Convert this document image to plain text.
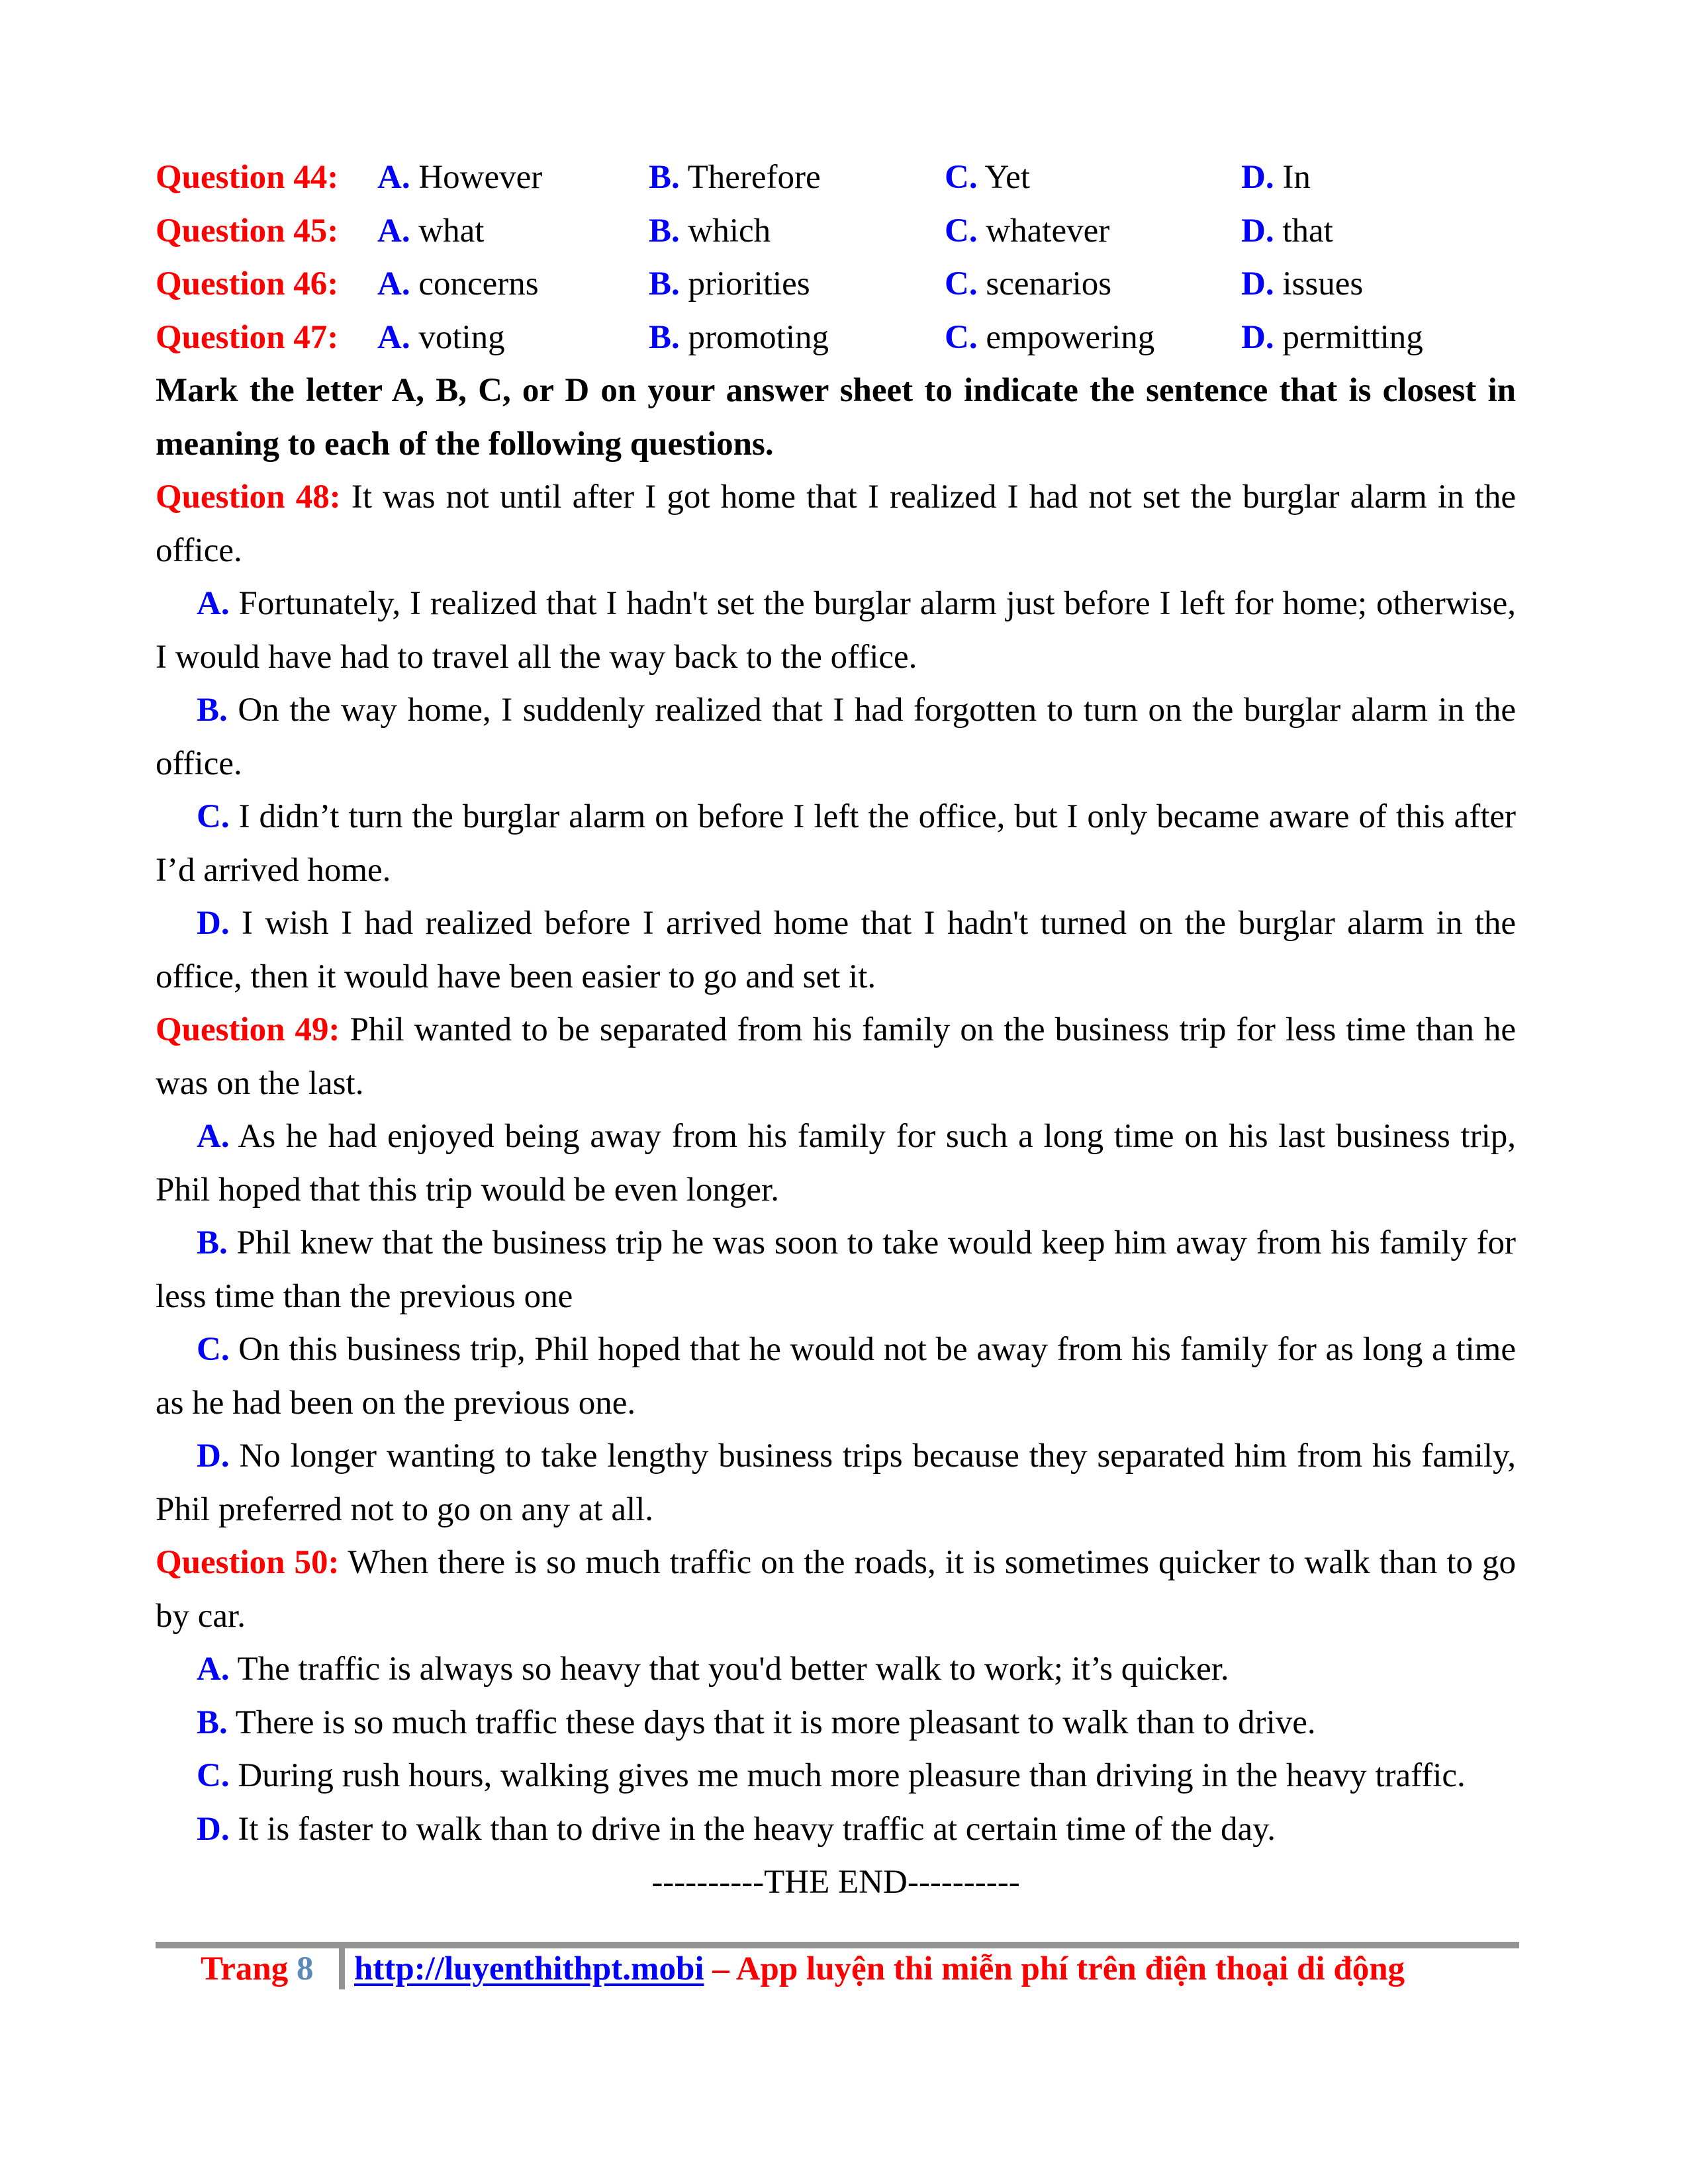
Question 44: A. However	B. Therefore	C. Yet	D. In
Question 45: A. what	B. which	C. whatever	D. that
Question 46: A. concerns	B. priorities	C. scenarios	D. issues
Question 47: A. voting	B. promoting	C. empowering	D. permitting
Mark the letter A, B, C, or D on your answer sheet to indicate the sentence that is closest in meaning to each of the following questions.
Question 48: It was not until after I got home that I realized I had not set the burglar alarm in the office.
A. Fortunately, I realized that I hadn't set the burglar alarm just before I left for home; otherwise, I would have had to travel all the way back to the office.
B. On the way home, I suddenly realized that I had forgotten to turn on the burglar alarm in the office.
C. I didn’t turn the burglar alarm on before I left the office, but I only became aware of this after I’d arrived home.
D. I wish I had realized before I arrived home that I hadn't turned on the burglar alarm in the office, then it would have been easier to go and set it.
Question 49: Phil wanted to be separated from his family on the business trip for less time than he was on the last.
A. As he had enjoyed being away from his family for such a long time on his last business trip, Phil hoped that this trip would be even longer.
B. Phil knew that the business trip he was soon to take would keep him away from his family for less time than the previous one
C. On this business trip, Phil hoped that he would not be away from his family for as long a time as he had been on the previous one.
D. No longer wanting to take lengthy business trips because they separated him from his family, Phil preferred not to go on any at all.
Question 50: When there is so much traffic on the roads, it is sometimes quicker to walk than to go by car.
A. The traffic is always so heavy that you'd better walk to work; it’s quicker.
B. There is so much traffic these days that it is more pleasant to walk than to drive.
C. During rush hours, walking gives me much more pleasure than driving in the heavy traffic.
D. It is faster to walk than to drive in the heavy traffic at certain time of the day.
----------THE END----------
Trang 8 http://luyenthithpt.mobi – App luyện thi miễn phí trên điện thoại di động
